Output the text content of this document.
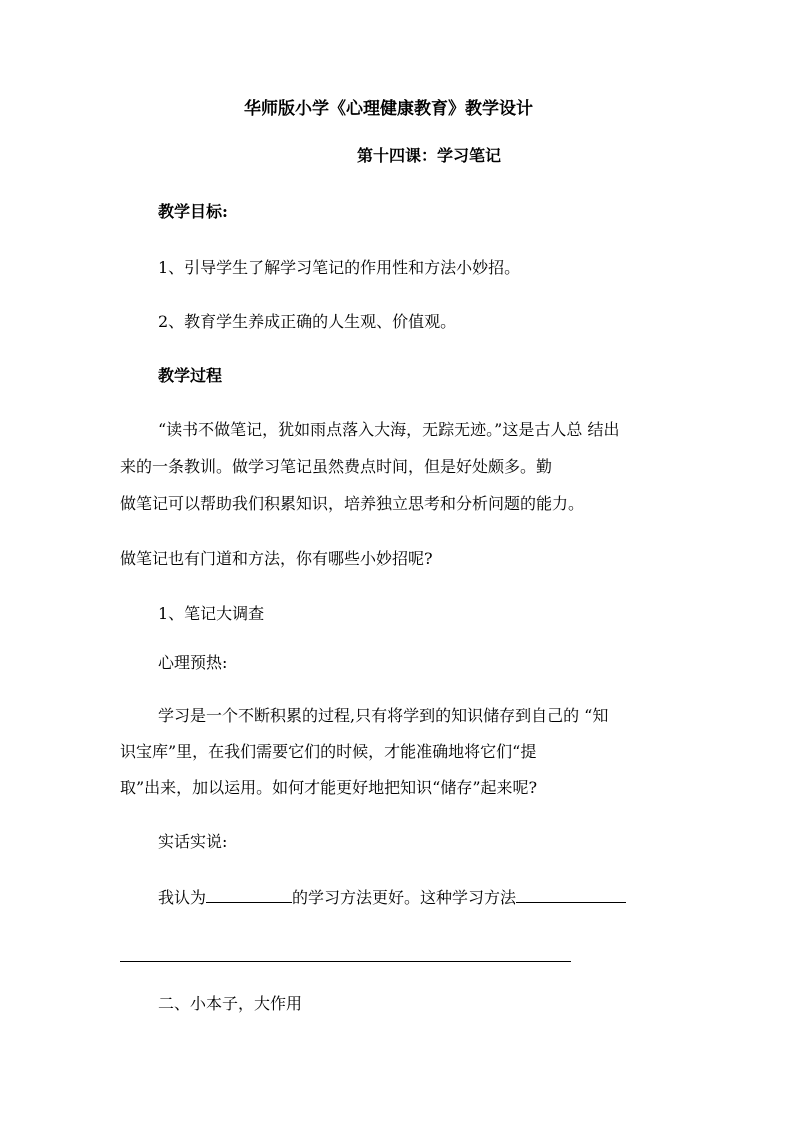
华师版小学《心理健康教育》教学设计

第十四课：学习笔记

教学目标:

1、引导学生了解学习笔记的作用性和方法小妙招。

2、教育学生养成正确的人生观、价值观。

教学过程

“读书不做笔记，犹如雨点落入大海，无踪无迹。”这是古人总 结出

来的一条教训。做学习笔记虽然费点时间，但是好处颇多。勤

做笔记可以帮助我们积累知识，培养独立思考和分析问题的能力。

做笔记也有门道和方法，你有哪些小妙招呢?

1、笔记大调查

心理预热:

学习是一个不断积累的过程,只有将学到的知识储存到自己的 “知

识宝库”里，在我们需要它们的时候，才能准确地将它们“提

取”出来，加以运用。如何才能更好地把知识“储存”起来呢?

实话实说:

我认为	的学习方法更好。这种学习方法

二、小本子，大作用
